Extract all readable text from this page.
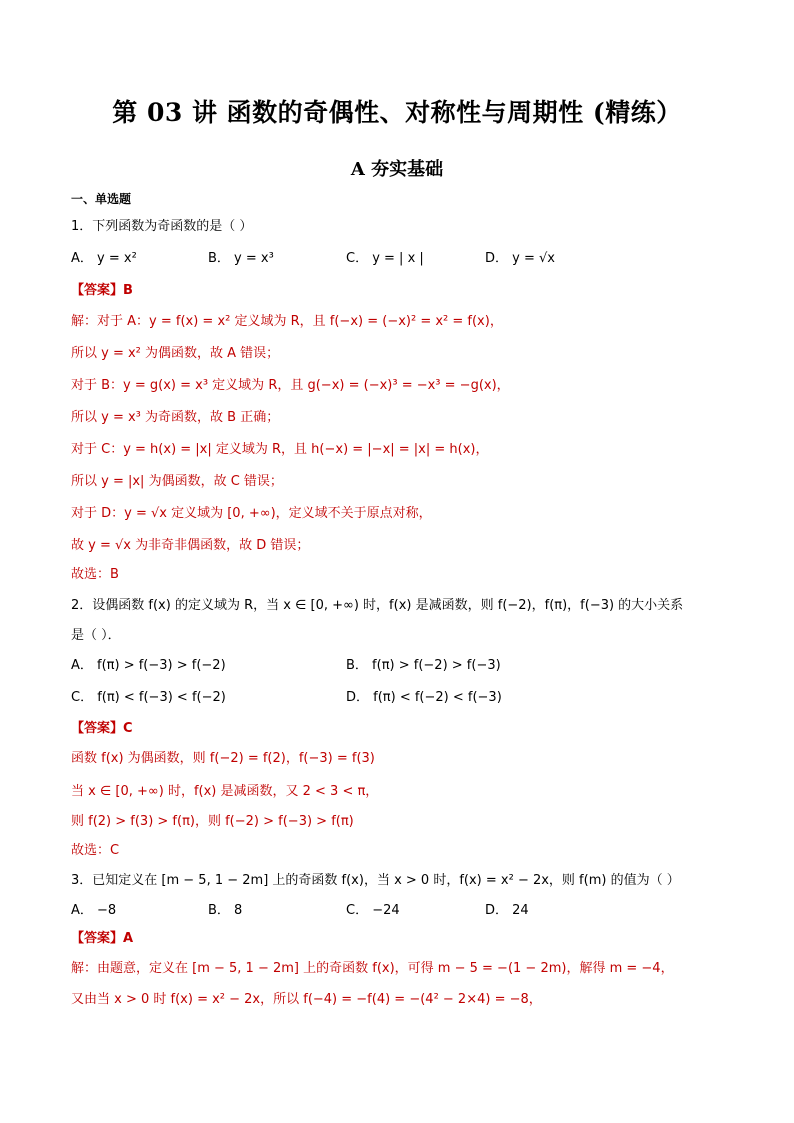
第 03 讲 函数的奇偶性、对称性与周期性 (精练）
A 夯实基础
一、单选题
1．下列函数为奇函数的是（ ）
A． y = x²	B． y = x³	C． y = | x |	D． y = √x
【答案】B
解：对于 A：y = f(x) = x² 定义域为 R，且 f(−x) = (−x)² = x² = f(x)，
所以 y = x² 为偶函数，故 A 错误；
对于 B：y = g(x) = x³ 定义域为 R，且 g(−x) = (−x)³ = −x³ = −g(x)，
所以 y = x³ 为奇函数，故 B 正确；
对于 C：y = h(x) = |x| 定义域为 R，且 h(−x) = |−x| = |x| = h(x)，
所以 y = |x| 为偶函数，故 C 错误；
对于 D：y = √x 定义域为 [0, +∞)，定义域不关于原点对称，
故 y = √x 为非奇非偶函数，故 D 错误；
故选：B
2．设偶函数 f(x) 的定义域为 R，当 x ∈ [0, +∞) 时，f(x) 是减函数，则 f(−2)，f(π)，f(−3) 的大小关系
是（ ）．
A． f(π) > f(−3) > f(−2)	B． f(π) > f(−2) > f(−3)
C． f(π) < f(−3) < f(−2)	D． f(π) < f(−2) < f(−3)
【答案】C
函数 f(x) 为偶函数，则 f(−2) = f(2)，f(−3) = f(3)
当 x ∈ [0, +∞) 时，f(x) 是减函数，又 2 < 3 < π，
则 f(2) > f(3) > f(π)，则 f(−2) > f(−3) > f(π)
故选：C
3．已知定义在 [m − 5, 1 − 2m] 上的奇函数 f(x)，当 x > 0 时，f(x) = x² − 2x，则 f(m) 的值为（ ）
A． −8	B． 8	C． −24	D． 24
【答案】A
解：由题意，定义在 [m − 5, 1 − 2m] 上的奇函数 f(x)，可得 m − 5 = −(1 − 2m)，解得 m = −4，
又由当 x > 0 时 f(x) = x² − 2x，所以 f(−4) = −f(4) = −(4² − 2×4) = −8，
